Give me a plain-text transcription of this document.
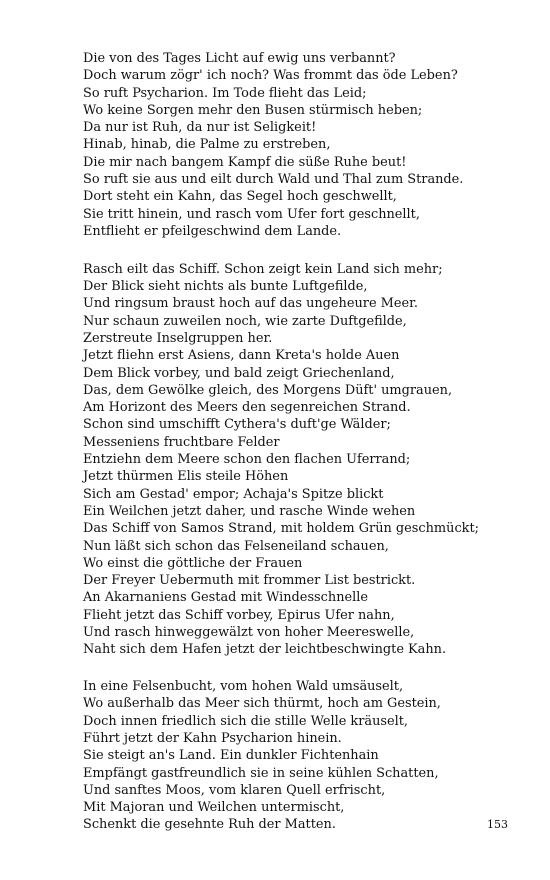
Die von des Tages Licht auf ewig uns verbannt?
Doch warum zögr' ich noch? Was frommt das öde Leben?
So ruft Psycharion. Im Tode flieht das Leid;
Wo keine Sorgen mehr den Busen stürmisch heben;
Da nur ist Ruh, da nur ist Seligkeit!
Hinab, hinab, die Palme zu erstreben,
Die mir nach bangem Kampf die süße Ruhe beut!
So ruft sie aus und eilt durch Wald und Thal zum Strande.
Dort steht ein Kahn, das Segel hoch geschwellt,
Sie tritt hinein, und rasch vom Ufer fort geschnellt,
Entflieht er pfeilgeschwind dem Lande.
Rasch eilt das Schiff. Schon zeigt kein Land sich mehr;
Der Blick sieht nichts als bunte Luftgefilde,
Und ringsum braust hoch auf das ungeheure Meer.
Nur schaun zuweilen noch, wie zarte Duftgefilde,
Zerstreute Inselgruppen her.
Jetzt fliehn erst Asiens, dann Kreta's holde Auen
Dem Blick vorbey, und bald zeigt Griechenland,
Das, dem Gewölke gleich, des Morgens Düft' umgrauen,
Am Horizont des Meers den segenreichen Strand.
Schon sind umschifft Cythera's duft'ge Wälder;
Messeniens fruchtbare Felder
Entziehn dem Meere schon den flachen Uferrand;
Jetzt thürmen Elis steile Höhen
Sich am Gestad' empor; Achaja's Spitze blickt
Ein Weilchen jetzt daher, und rasche Winde wehen
Das Schiff von Samos Strand, mit holdem Grün geschmückt;
Nun läßt sich schon das Felseneiland schauen,
Wo einst die göttliche der Frauen
Der Freyer Uebermuth mit frommer List bestrickt.
An Akarnaniens Gestad mit Windesschnelle
Flieht jetzt das Schiff vorbey, Epirus Ufer nahn,
Und rasch hinweggewälzt von hoher Meereswelle,
Naht sich dem Hafen jetzt der leichtbeschwingte Kahn.
In eine Felsenbucht, vom hohen Wald umsäuselt,
Wo außerhalb das Meer sich thürmt, hoch am Gestein,
Doch innen friedlich sich die stille Welle kräuselt,
Führt jetzt der Kahn Psycharion hinein.
Sie steigt an's Land. Ein dunkler Fichtenhain
Empfängt gastfreundlich sie in seine kühlen Schatten,
Und sanftes Moos, vom klaren Quell erfrischt,
Mit Majoran und Weilchen untermischt,
Schenkt die gesehnte Ruh der Matten.	153
